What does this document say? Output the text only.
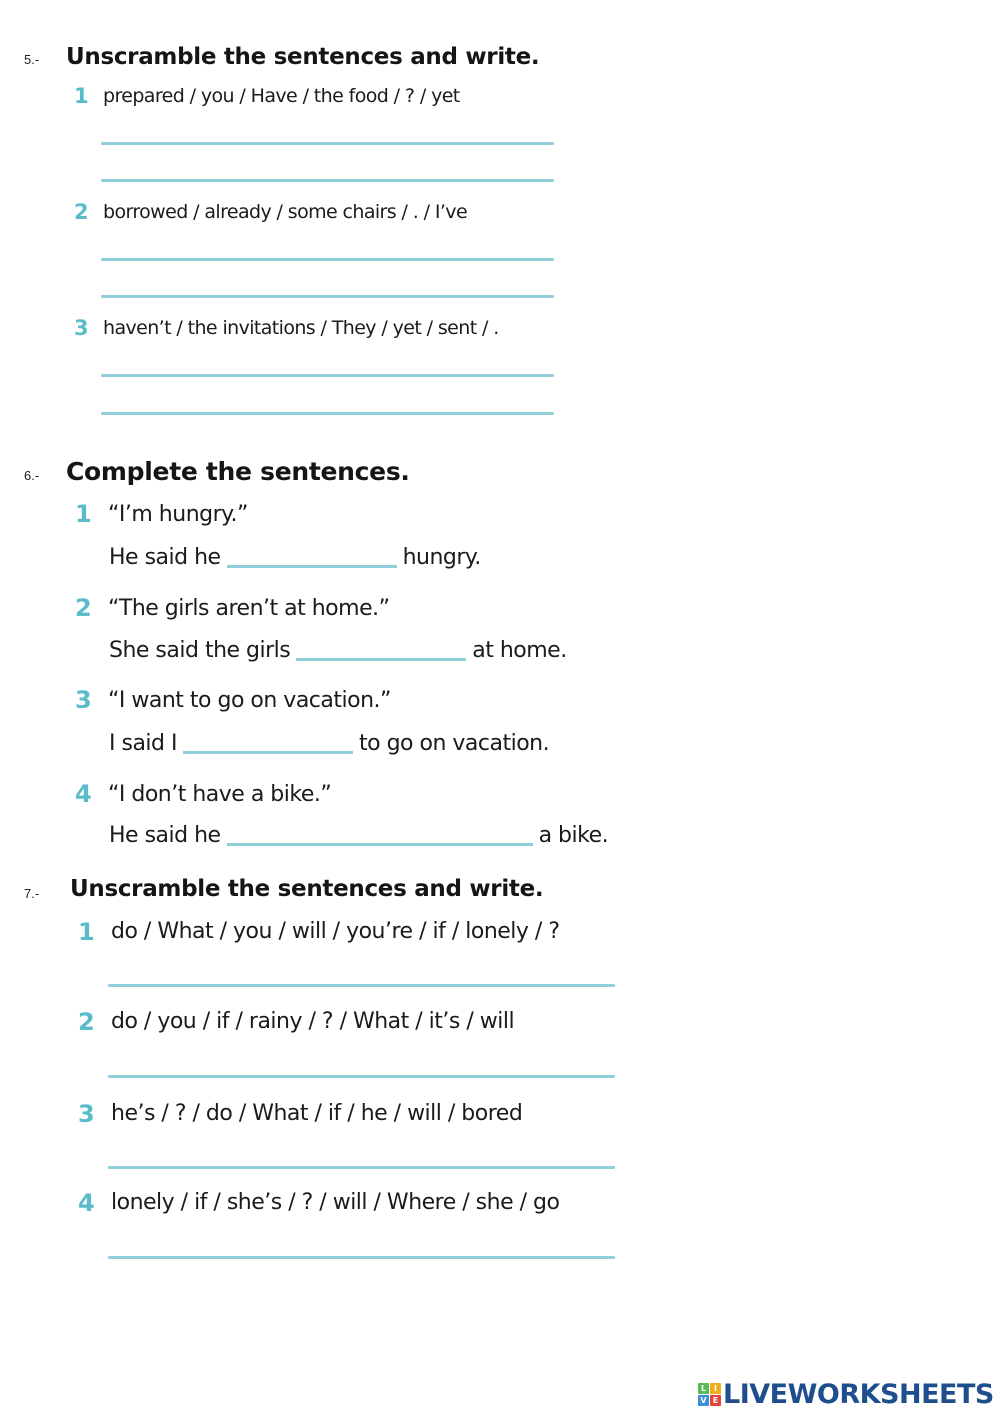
5.- Unscramble the sentences and write.
1 prepared / you / Have / the food / ? / yet
2 borrowed / already / some chairs / . / I’ve
3 haven’t / the invitations / They / yet / sent / .
6.- Complete the sentences.
1 “I’m hungry.”
He said he	hungry.
2 “The girls aren’t at home.”
She said the girls	at home.
3 “I want to go on vacation.”
I said I	to go on vacation.
4 “I don’t have a bike.”
He said he	a bike.
7.- Unscramble the sentences and write.
1 do / What / you / will / you’re / if / lonely / ?
2 do / you / if / rainy / ? / What / it’s / will
3 he’s / ? / do / What / if / he / will / bored
4 lonely / if / she’s / ? / will / Where / she / go
L I
V E LIVEWORKSHEETS
